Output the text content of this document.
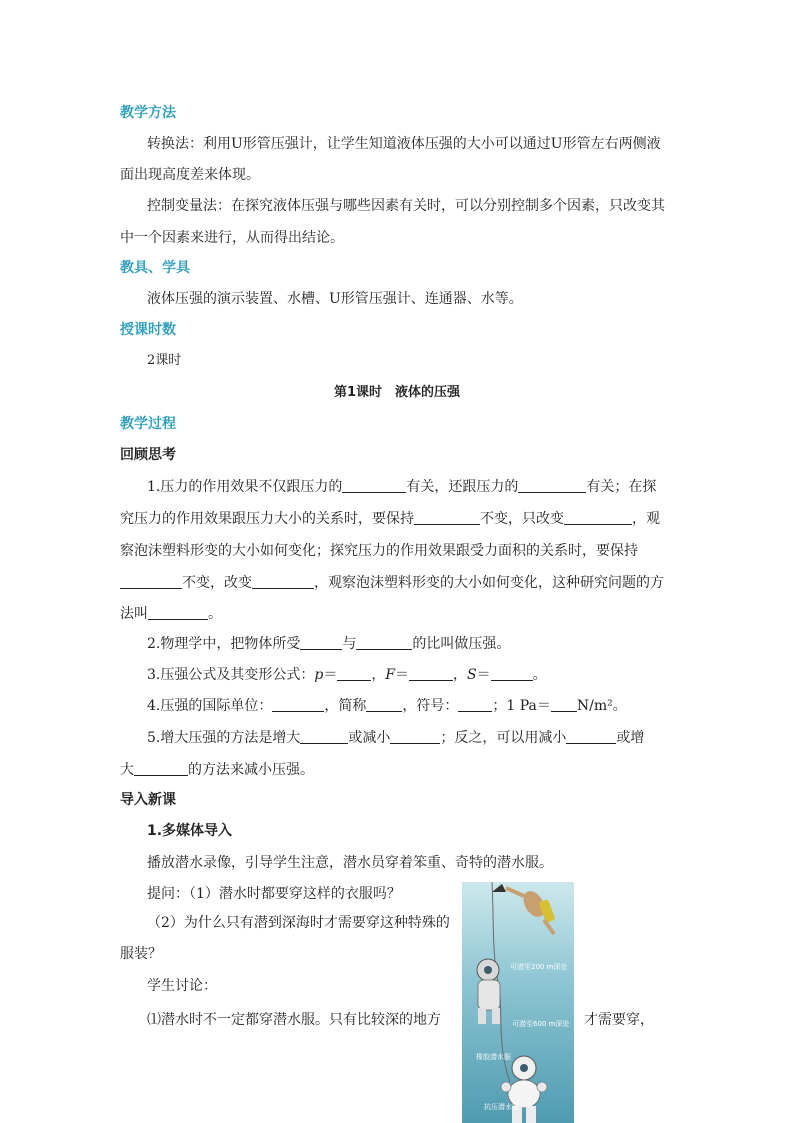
教学方法
转换法：利用U形管压强计，让学生知道液体压强的大小可以通过U形管左右两侧液
面出现高度差来体现。
控制变量法：在探究液体压强与哪些因素有关时，可以分别控制多个因素，只改变其
中一个因素来进行，从而得出结论。
教具、学具
液体压强的演示装置、水槽、U形管压强计、连通器、水等。
授课时数
2课时
第1课时　液体的压强
教学过程
回顾思考
1.压力的作用效果不仅跟压力的	有关，还跟压力的	有关；在探
究压力的作用效果跟压力大小的关系时，要保持	不变，只改变	，观
察泡沫塑料形变的大小如何变化；探究压力的作用效果跟受力面积的关系时，要保持
不变，改变	，观察泡沫塑料形变的大小如何变化，这种研究问题的方
法叫	。
2.物理学中，把物体所受	与	的比叫做压强。
3.压强公式及其变形公式：p＝ ，F＝	，S＝	。
4.压强的国际单位：	，简称	，符号： ；1 Pa＝ N/m²。
5.增大压强的方法是增大	或减小	；反之，可以用减小	或增
大	的方法来减小压强。
导入新课
1.多媒体导入
播放潜水录像，引导学生注意，潜水员穿着笨重、奇特的潜水服。
提问：（1）潜水时都要穿这样的衣服吗？
（2）为什么只有潜到深海时才需要穿这种特殊的
服装？
学生讨论：
⑴潜水时不一定都穿潜水服。只有比较深的地方	才需要穿，
可潜至200 m深处
可潜至600 m深处
橡胶潜水服
抗压潜水服
